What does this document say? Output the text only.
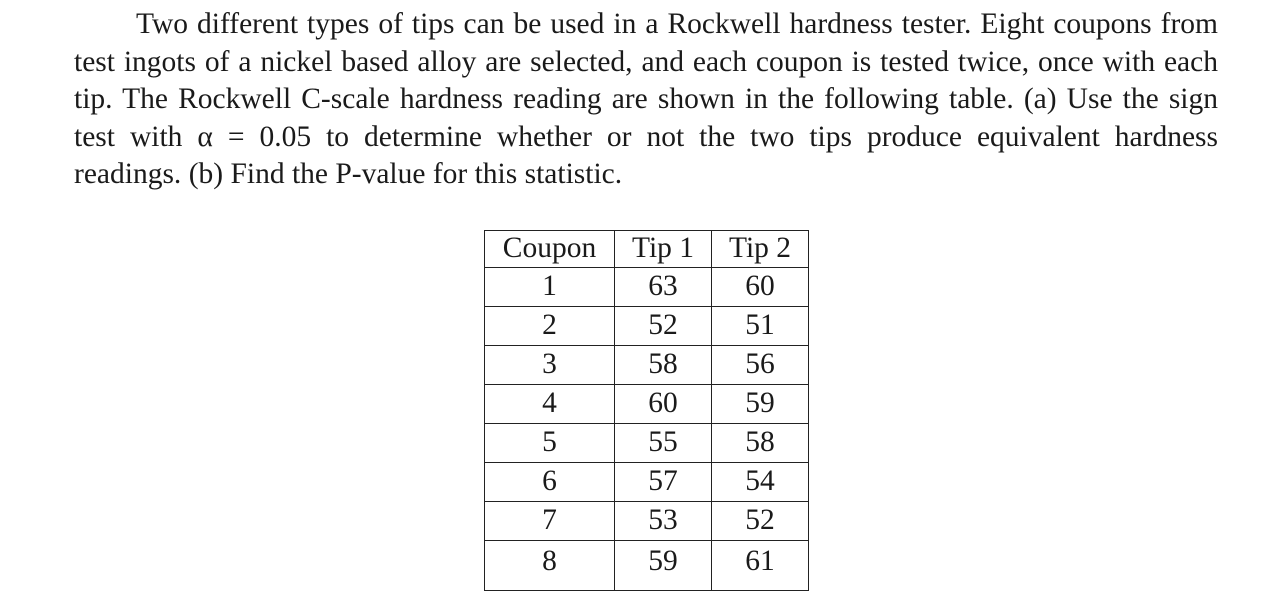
Two different types of tips can be used in a Rockwell hardness tester. Eight coupons from test ingots of a nickel based alloy are selected, and each coupon is tested twice, once with each tip. The Rockwell C-scale hardness reading are shown in the following table. (a) Use the sign test with α = 0.05 to determine whether or not the two tips produce equivalent hardness readings. (b) Find the P-value for this statistic.

Coupon	Tip 1	Tip 2
1	63	60
2	52	51
3	58	56
4	60	59
5	55	58
6	57	54
7	53	52
8	59	61
